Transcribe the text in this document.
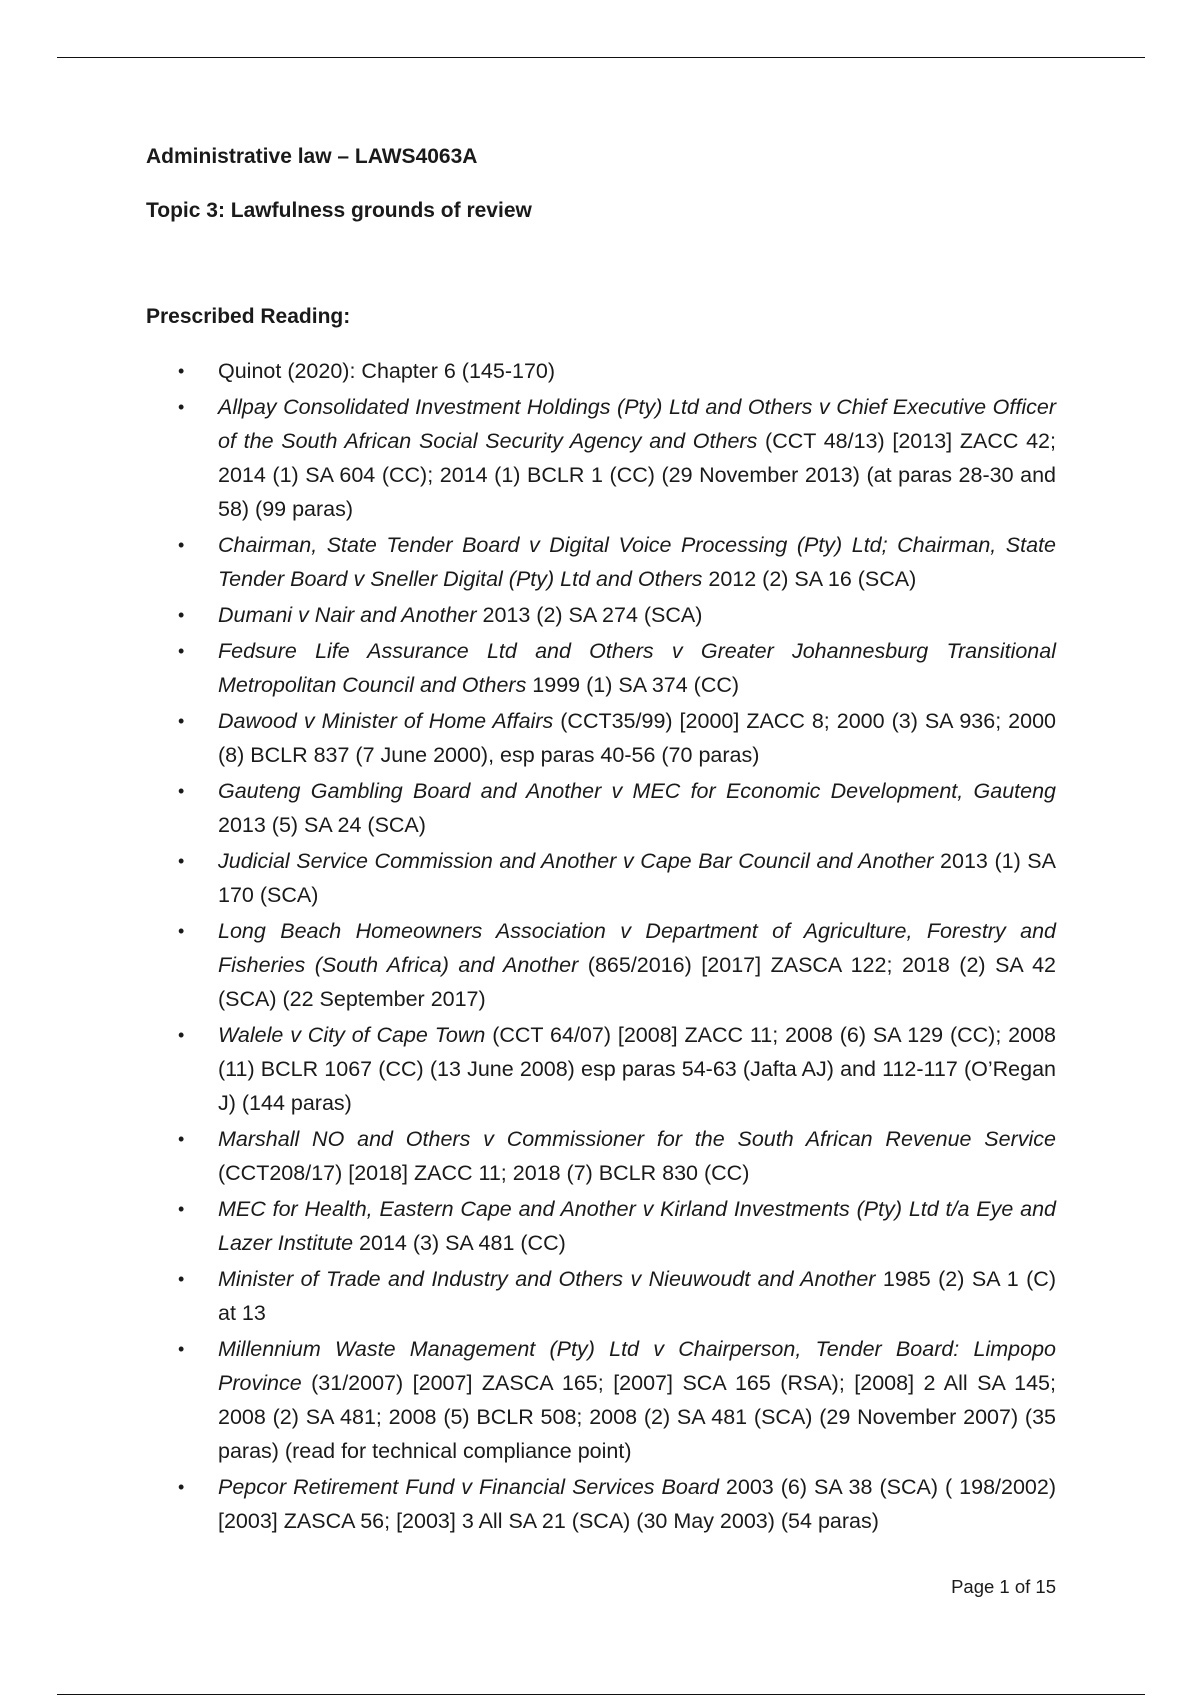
Administrative law – LAWS4063A

Topic 3: Lawfulness grounds of review

Prescribed Reading:

• Quinot (2020): Chapter 6 (145-170)
• Allpay Consolidated Investment Holdings (Pty) Ltd and Others v Chief Executive Officer of the South African Social Security Agency and Others (CCT 48/13) [2013] ZACC 42; 2014 (1) SA 604 (CC); 2014 (1) BCLR 1 (CC) (29 November 2013) (at paras 28-30 and 58) (99 paras)
• Chairman, State Tender Board v Digital Voice Processing (Pty) Ltd; Chairman, State Tender Board v Sneller Digital (Pty) Ltd and Others 2012 (2) SA 16 (SCA)
• Dumani v Nair and Another 2013 (2) SA 274 (SCA)
• Fedsure Life Assurance Ltd and Others v Greater Johannesburg Transitional Metropolitan Council and Others 1999 (1) SA 374 (CC)
• Dawood v Minister of Home Affairs (CCT35/99) [2000] ZACC 8; 2000 (3) SA 936; 2000 (8) BCLR 837 (7 June 2000), esp paras 40-56 (70 paras)
• Gauteng Gambling Board and Another v MEC for Economic Development, Gauteng 2013 (5) SA 24 (SCA)
• Judicial Service Commission and Another v Cape Bar Council and Another 2013 (1) SA 170 (SCA)
• Long Beach Homeowners Association v Department of Agriculture, Forestry and Fisheries (South Africa) and Another (865/2016) [2017] ZASCA 122; 2018 (2) SA 42 (SCA) (22 September 2017)
• Walele v City of Cape Town (CCT 64/07) [2008] ZACC 11; 2008 (6) SA 129 (CC); 2008 (11) BCLR 1067 (CC) (13 June 2008) esp paras 54-63 (Jafta AJ) and 112-117 (O’Regan J) (144 paras)
• Marshall NO and Others v Commissioner for the South African Revenue Service (CCT208/17) [2018] ZACC 11; 2018 (7) BCLR 830 (CC)
• MEC for Health, Eastern Cape and Another v Kirland Investments (Pty) Ltd t/a Eye and Lazer Institute 2014 (3) SA 481 (CC)
• Minister of Trade and Industry and Others v Nieuwoudt and Another 1985 (2) SA 1 (C) at 13
• Millennium Waste Management (Pty) Ltd v Chairperson, Tender Board: Limpopo Province (31/2007) [2007] ZASCA 165; [2007] SCA 165 (RSA); [2008] 2 All SA 145; 2008 (2) SA 481; 2008 (5) BCLR 508; 2008 (2) SA 481 (SCA) (29 November 2007) (35 paras) (read for technical compliance point)
• Pepcor Retirement Fund v Financial Services Board 2003 (6) SA 38 (SCA) ( 198/2002) [2003] ZASCA 56; [2003] 3 All SA 21 (SCA) (30 May 2003) (54 paras)
Page 1 of 15
